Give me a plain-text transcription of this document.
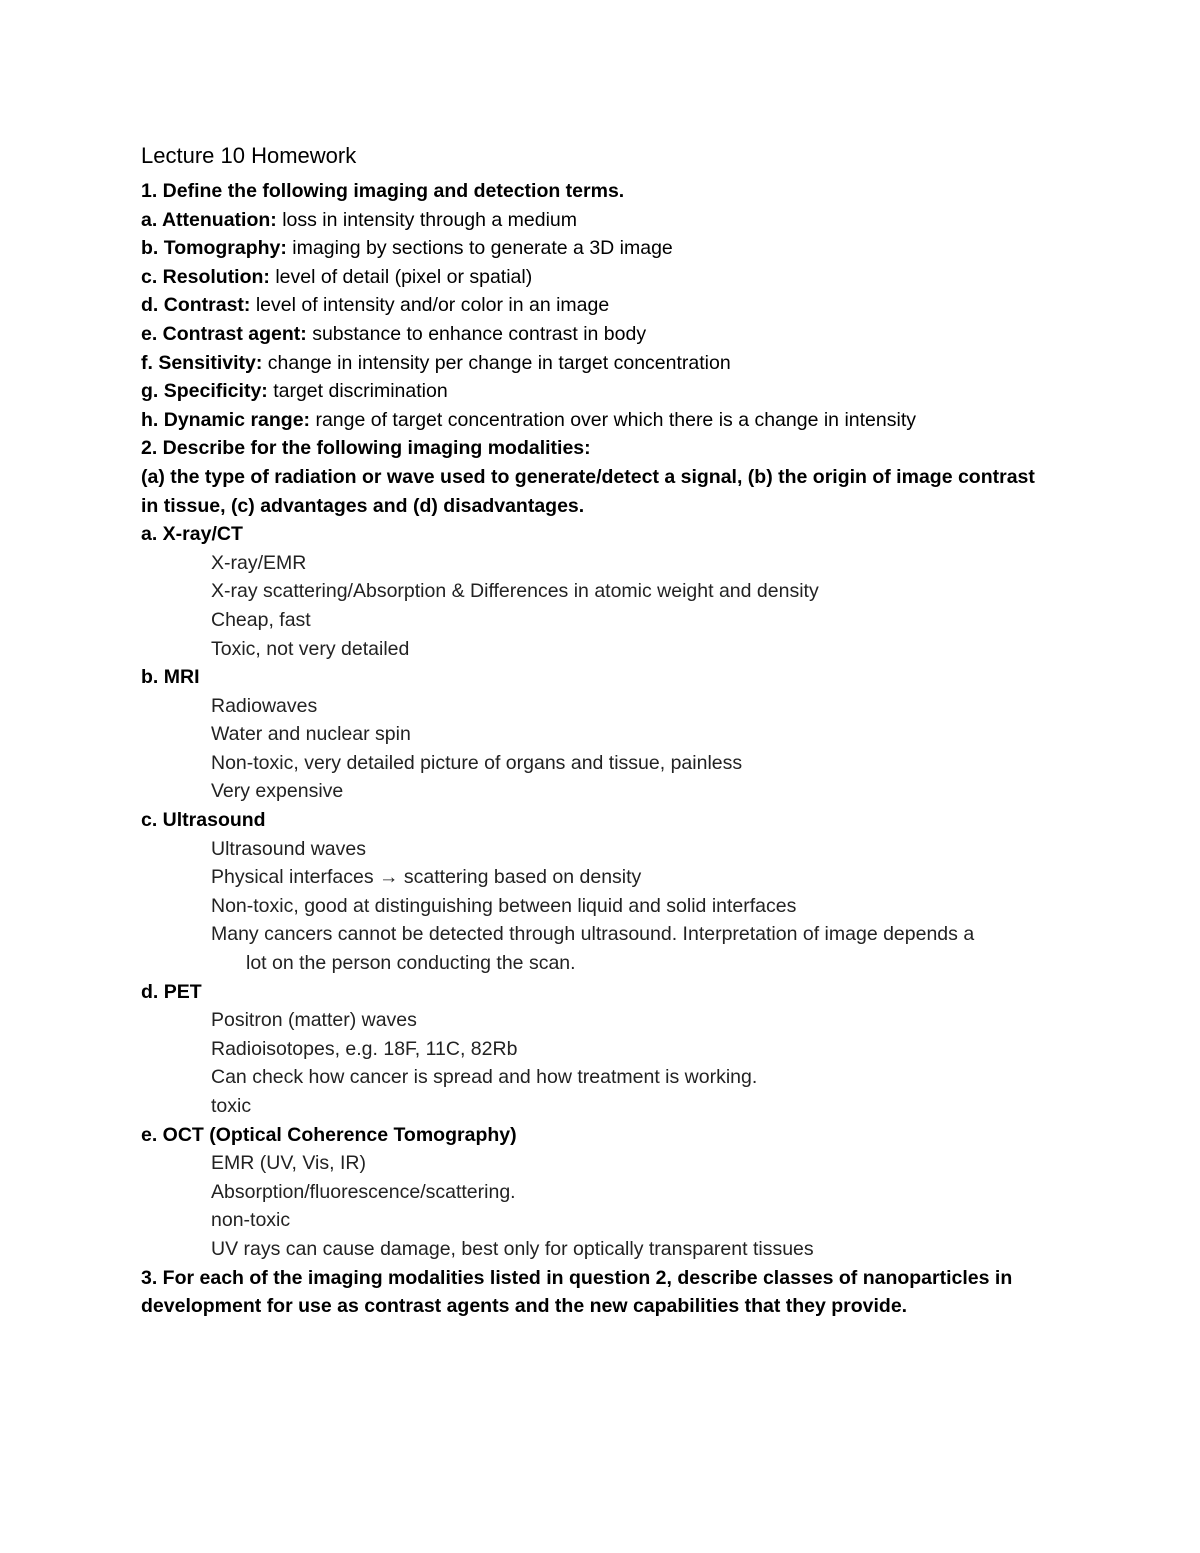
Lecture 10 Homework
1. Define the following imaging and detection terms.
a. Attenuation: loss in intensity through a medium
b. Tomography: imaging by sections to generate a 3D image
c. Resolution: level of detail (pixel or spatial)
d. Contrast: level of intensity and/or color in an image
e. Contrast agent: substance to enhance contrast in body
f. Sensitivity: change in intensity per change in target concentration
g. Specificity: target discrimination
h. Dynamic range: range of target concentration over which there is a change in intensity
2. Describe for the following imaging modalities:
(a) the type of radiation or wave used to generate/detect a signal, (b) the origin of image contrast in tissue, (c) advantages and (d) disadvantages.
a. X-ray/CT
X-ray/EMR
X-ray scattering/Absorption & Differences in atomic weight and density
Cheap, fast
Toxic, not very detailed
b. MRI
Radiowaves
Water and nuclear spin
Non-toxic, very detailed picture of organs and tissue, painless
Very expensive
c. Ultrasound
Ultrasound waves
Physical interfaces → scattering based on density
Non-toxic, good at distinguishing between liquid and solid interfaces
Many cancers cannot be detected through ultrasound. Interpretation of image depends a
lot on the person conducting the scan.
d. PET
Positron (matter) waves
Radioisotopes, e.g. 18F, 11C, 82Rb
Can check how cancer is spread and how treatment is working.
toxic
e. OCT (Optical Coherence Tomography)
EMR (UV, Vis, IR)
Absorption/fluorescence/scattering.
non-toxic
UV rays can cause damage, best only for optically transparent tissues
3. For each of the imaging modalities listed in question 2, describe classes of nanoparticles in development for use as contrast agents and the new capabilities that they provide.
